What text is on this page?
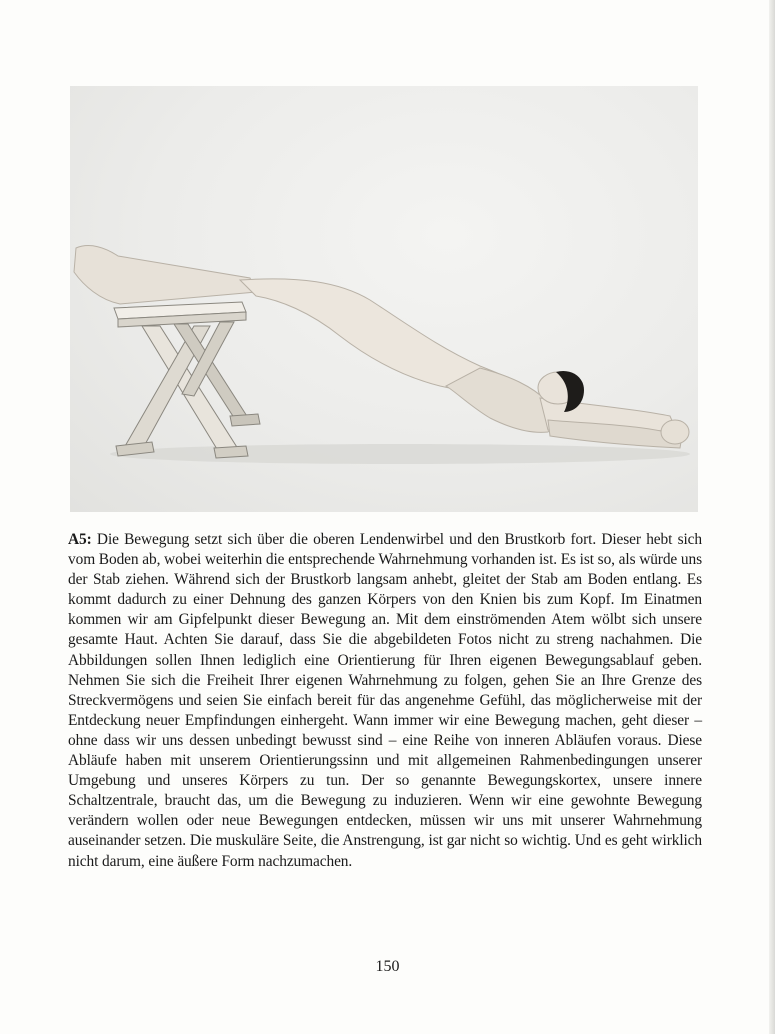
A5: Die Bewegung setzt sich über die oberen Lendenwirbel und den Brustkorb fort. Dieser hebt sich vom Boden ab, wobei weiterhin die entsprechende Wahrnehmung vorhanden ist. Es ist so, als würde uns der Stab ziehen. Während sich der Brustkorb langsam anhebt, gleitet der Stab am Boden entlang. Es kommt dadurch zu einer Dehnung des ganzen Körpers von den Knien bis zum Kopf. Im Einatmen kommen wir am Gipfelpunkt dieser Bewegung an. Mit dem einströmenden Atem wölbt sich unsere gesamte Haut. Achten Sie darauf, dass Sie die abgebildeten Fotos nicht zu streng nachahmen. Die Abbildungen sollen Ihnen lediglich eine Orientierung für Ihren eigenen Bewegungsablauf geben. Nehmen Sie sich die Freiheit Ihrer eigenen Wahrnehmung zu folgen, gehen Sie an Ihre Grenze des Streckvermögens und seien Sie einfach bereit für das angenehme Gefühl, das möglicherweise mit der Entdeckung neuer Empfindungen einhergeht. Wann immer wir eine Bewegung machen, geht dieser – ohne dass wir uns dessen unbedingt bewusst sind – eine Reihe von inneren Abläufen voraus. Diese Abläufe haben mit unserem Orientierungssinn und mit allgemeinen Rahmenbedingungen unserer Umgebung und unseres Körpers zu tun. Der so genannte Bewegungskortex, unsere innere Schaltzentrale, braucht das, um die Bewegung zu induzieren. Wenn wir eine gewohnte Bewegung verändern wollen oder neue Bewegungen entdecken, müssen wir uns mit unserer Wahrnehmung auseinander setzen. Die muskuläre Seite, die Anstrengung, ist gar nicht so wichtig. Und es geht wirklich nicht darum, eine äußere Form nachzumachen.

150
